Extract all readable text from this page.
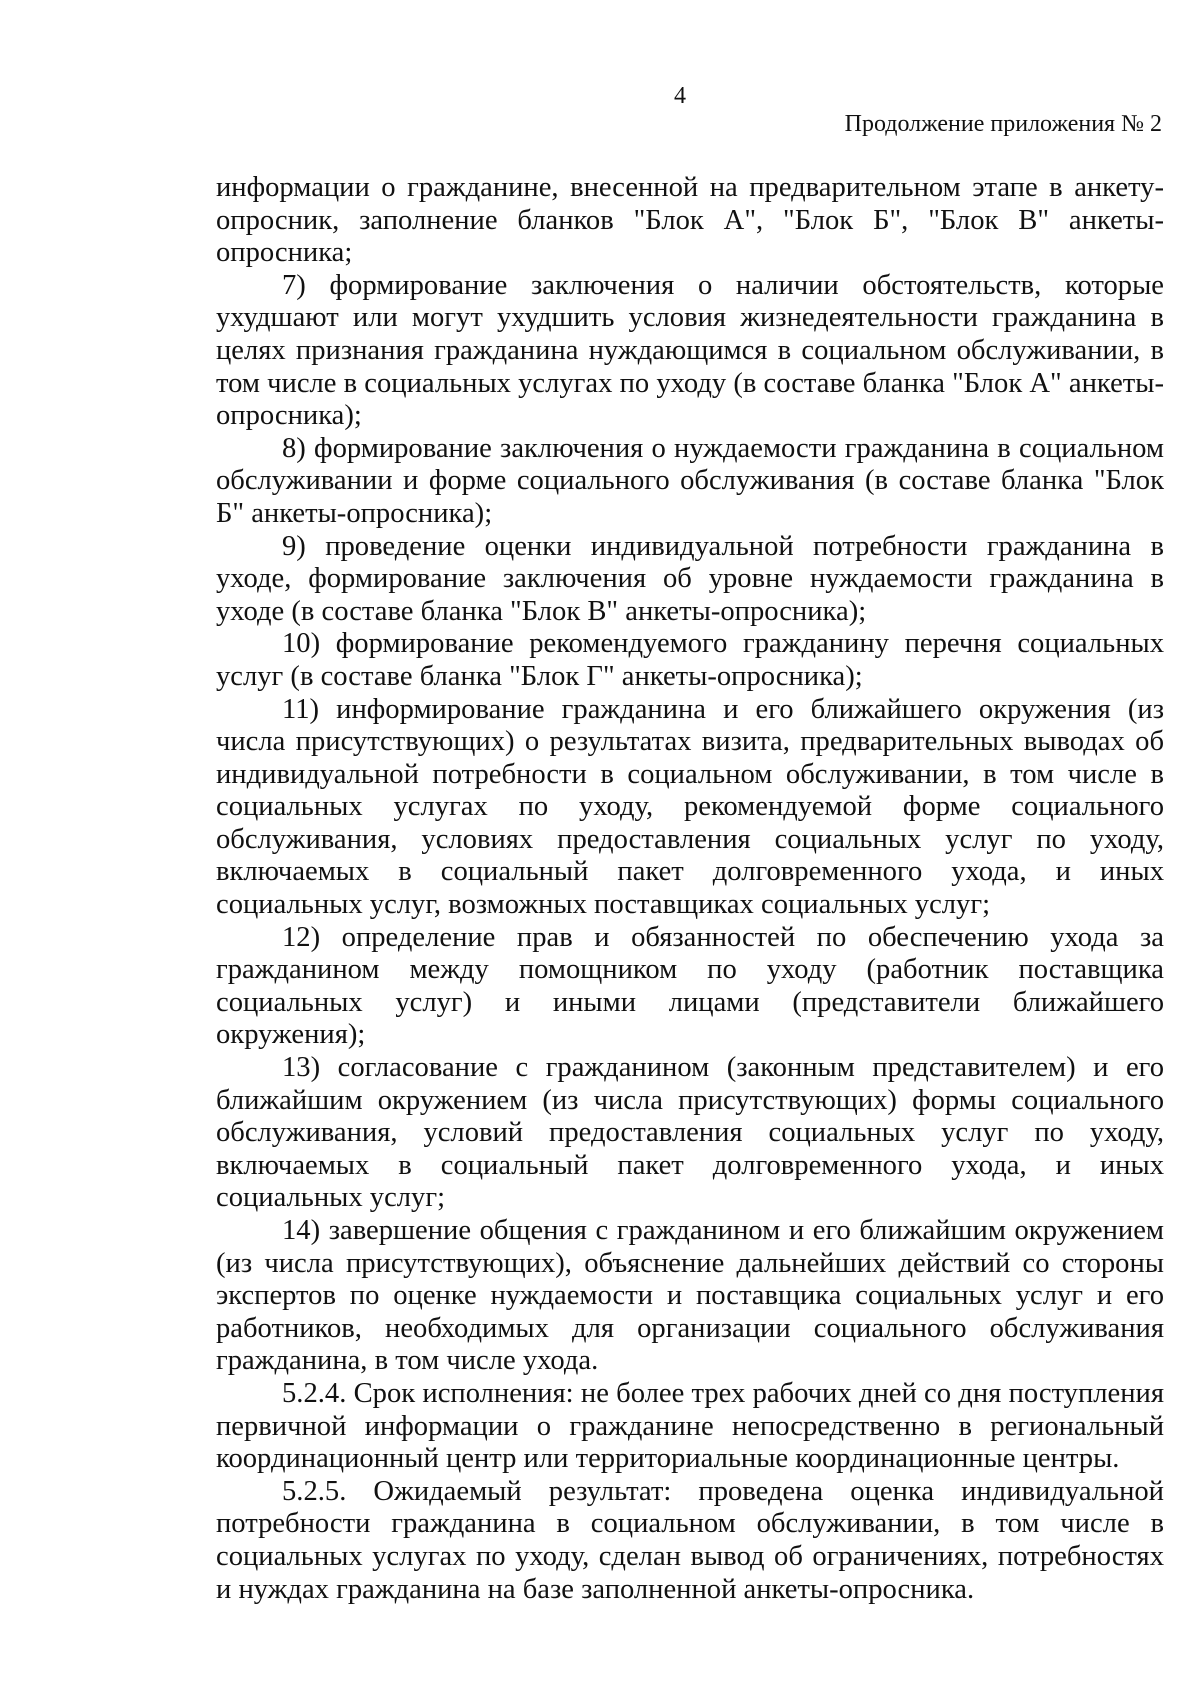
4
Продолжение приложения № 2

информации о гражданине, внесенной на предварительном этапе в анкету-опросник, заполнение бланков "Блок А", "Блок Б", "Блок В" анкеты-опросника;

7) формирование заключения о наличии обстоятельств, которые ухудшают или могут ухудшить условия жизнедеятельности гражданина в целях признания гражданина нуждающимся в социальном обслуживании, в том числе в социальных услугах по уходу (в составе бланка "Блок А" анкеты-опросника);

8) формирование заключения о нуждаемости гражданина в социальном обслуживании и форме социального обслуживания (в составе бланка "Блок Б" анкеты-опросника);

9) проведение оценки индивидуальной потребности гражданина в уходе, формирование заключения об уровне нуждаемости гражданина в уходе (в составе бланка "Блок В" анкеты-опросника);

10) формирование рекомендуемого гражданину перечня социальных услуг (в составе бланка "Блок Г" анкеты-опросника);

11) информирование гражданина и его ближайшего окружения (из числа присутствующих) о результатах визита, предварительных выводах об индивидуальной потребности в социальном обслуживании, в том числе в социальных услугах по уходу, рекомендуемой форме социального обслуживания, условиях предоставления социальных услуг по уходу, включаемых в социальный пакет долговременного ухода, и иных социальных услуг, возможных поставщиках социальных услуг;

12) определение прав и обязанностей по обеспечению ухода за гражданином между помощником по уходу (работник поставщика социальных услуг) и иными лицами (представители ближайшего окружения);

13) согласование с гражданином (законным представителем) и его ближайшим окружением (из числа присутствующих) формы социального обслуживания, условий предоставления социальных услуг по уходу, включаемых в социальный пакет долговременного ухода, и иных социальных услуг;

14) завершение общения с гражданином и его ближайшим окружением (из числа присутствующих), объяснение дальнейших действий со стороны экспертов по оценке нуждаемости и поставщика социальных услуг и его работников, необходимых для организации социального обслуживания гражданина, в том числе ухода.

5.2.4. Срок исполнения: не более трех рабочих дней со дня поступления первичной информации о гражданине непосредственно в региональный координационный центр или территориальные координационные центры.

5.2.5. Ожидаемый результат: проведена оценка индивидуальной потребности гражданина в социальном обслуживании, в том числе в социальных услугах по уходу, сделан вывод об ограничениях, потребностях и нуждах гражданина на базе заполненной анкеты-опросника.
